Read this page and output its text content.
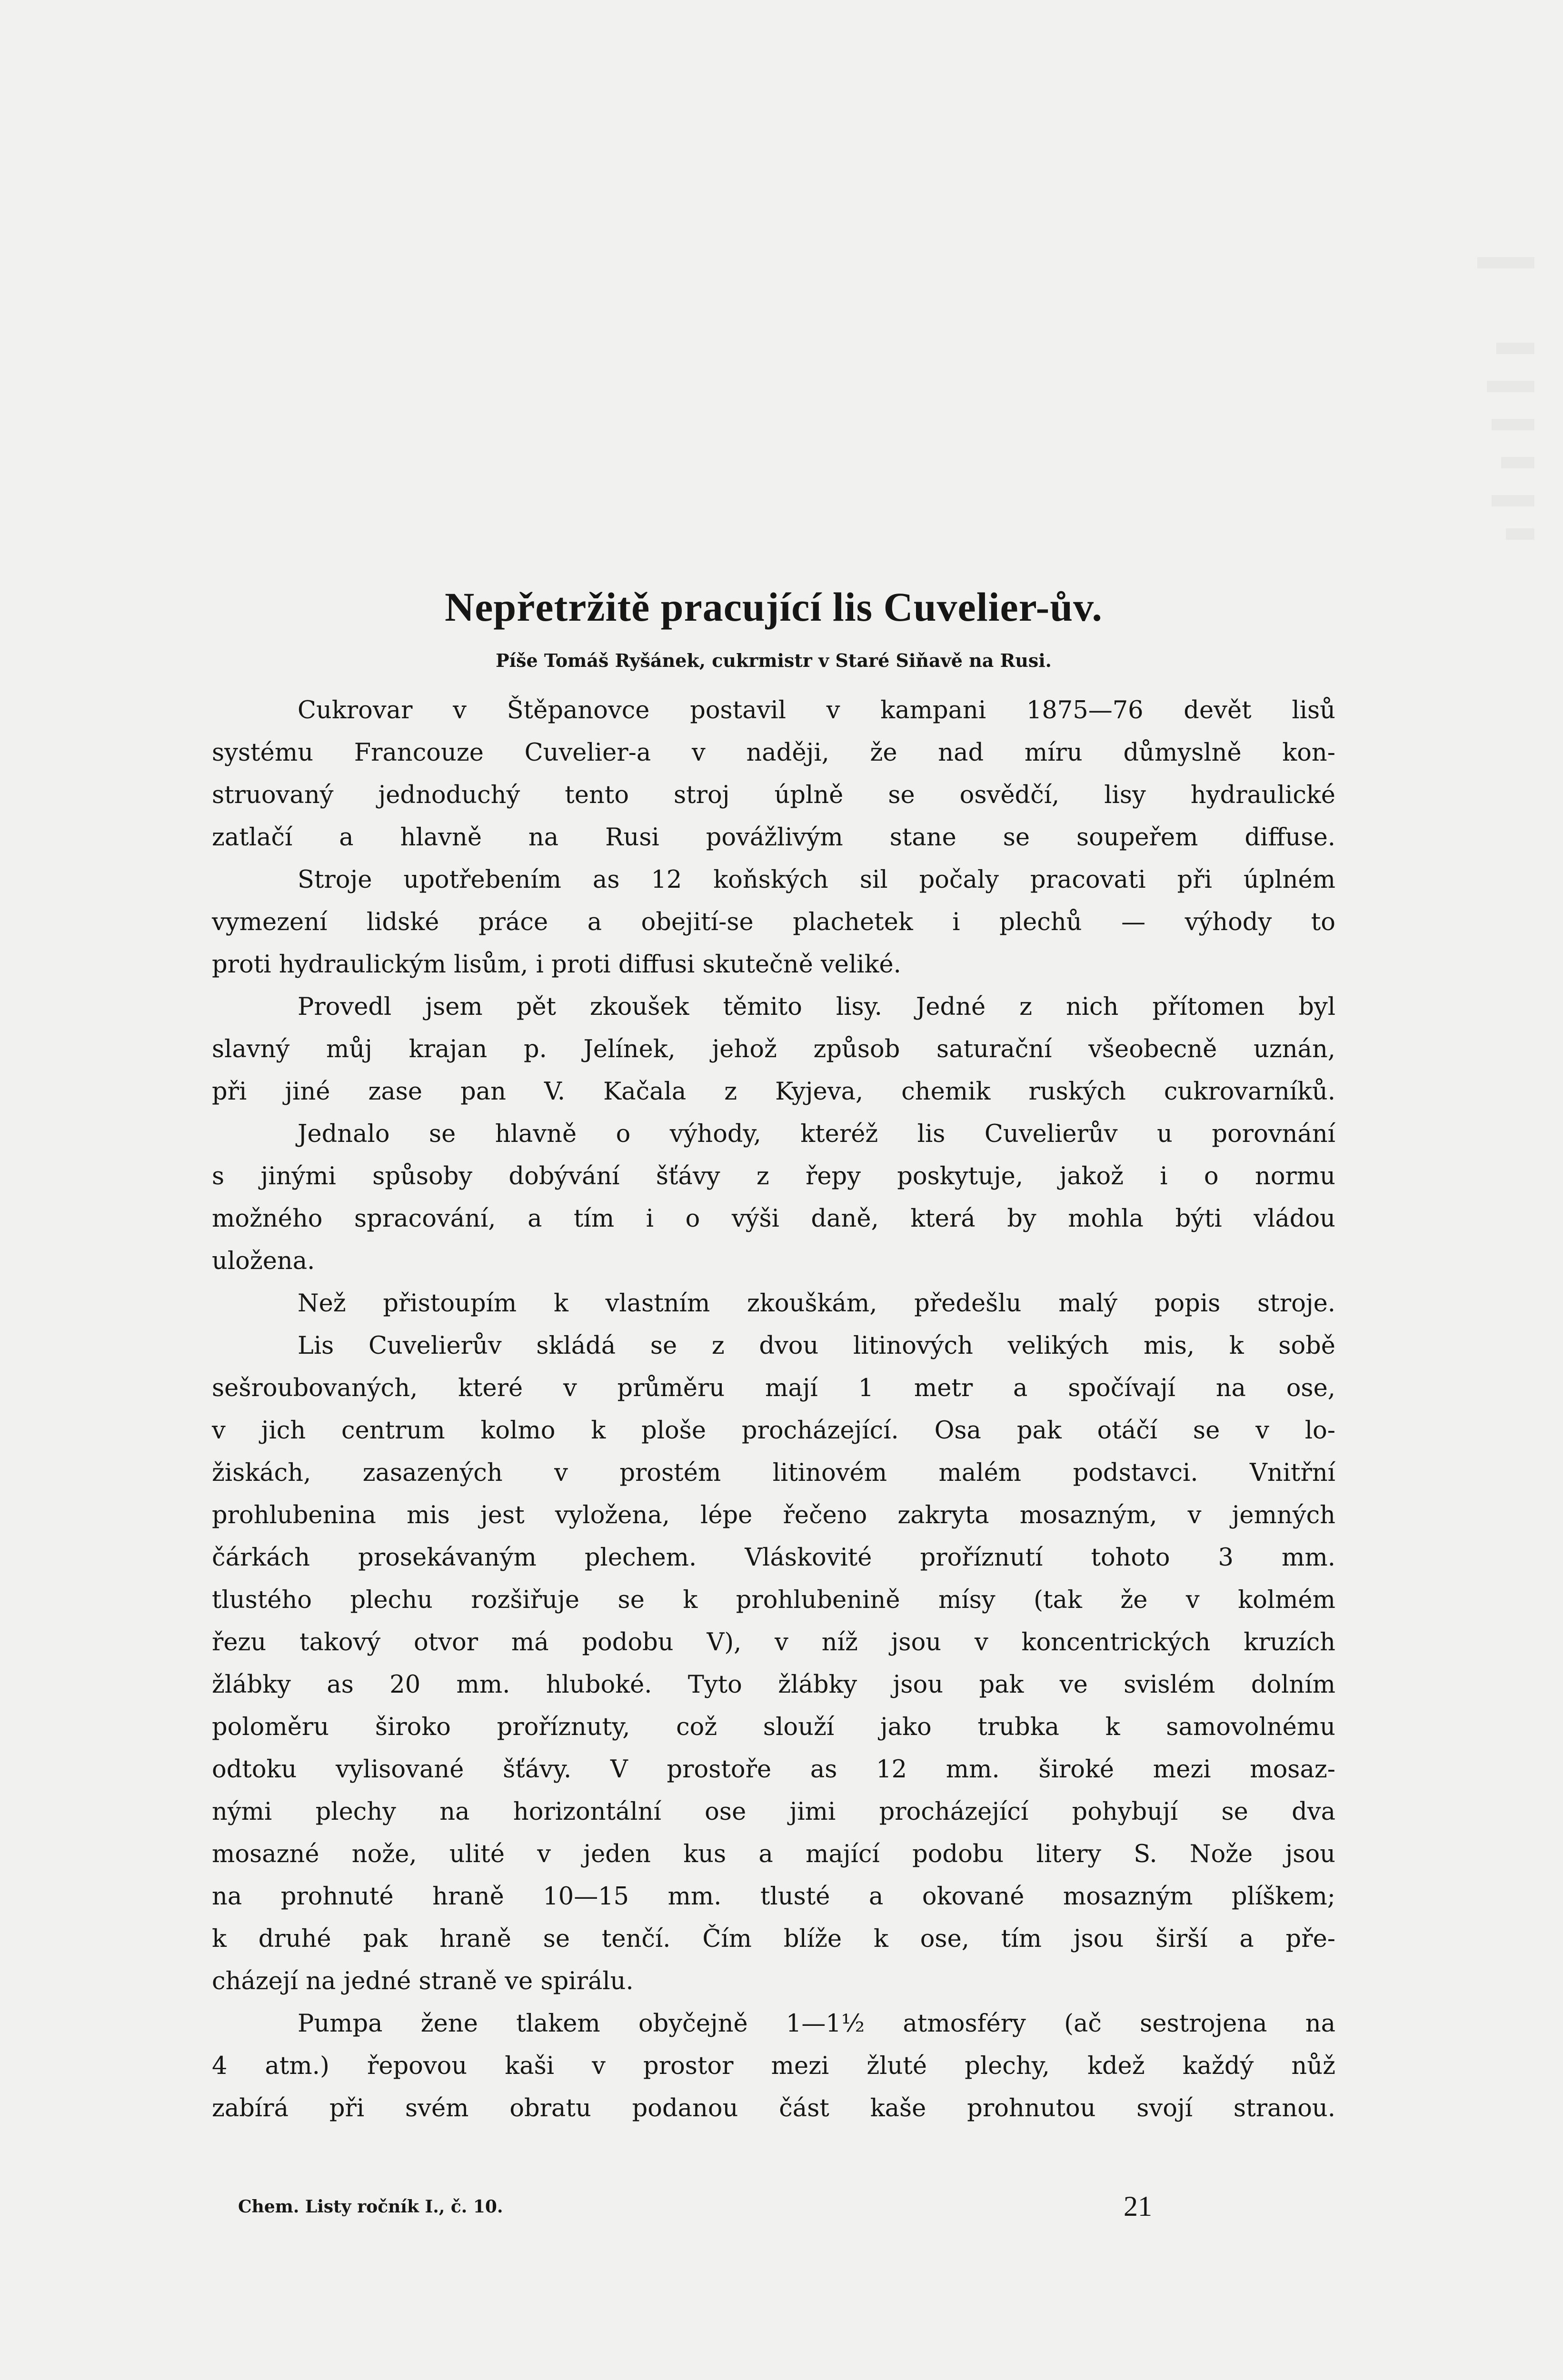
Nepřetržitě pracující lis Cuvelier-ův.
Píše Tomáš Ryšánek, cukrmistr v Staré Siňavě na Rusi.
Cukrovar v Štěpanovce postavil v kampani 1875—76 devět lisů
systému Francouze Cuvelier-a v naději, že nad míru důmyslně kon-
struovaný jednoduchý tento stroj úplně se osvědčí, lisy hydraulické
zatlačí a hlavně na Rusi povážlivým stane se soupeřem diffuse.
Stroje upotřebením as 12 koňských sil počaly pracovati při úplném
vymezení lidské práce a obejití-se plachetek i plechů — výhody to
proti hydraulickým lisům, i proti diffusi skutečně veliké.
Provedl jsem pět zkoušek těmito lisy. Jedné z nich přítomen byl
slavný můj krajan p. Jelínek, jehož způsob saturační všeobecně uznán,
při jiné zase pan V. Kačala z Kyjeva, chemik ruských cukrovarníků.
Jednalo se hlavně o výhody, kteréž lis Cuvelierův u porovnání
s jinými spůsoby dobývání šťávy z řepy poskytuje, jakož i o normu
možného spracování, a tím i o výši daně, která by mohla býti vládou
uložena.
Než přistoupím k vlastním zkouškám, předešlu malý popis stroje.
Lis Cuvelierův skládá se z dvou litinových velikých mis, k sobě
sešroubovaných, které v průměru mají 1 metr a spočívají na ose,
v jich centrum kolmo k ploše procházející. Osa pak otáčí se v lo-
žiskách, zasazených v prostém litinovém malém podstavci. Vnitřní
prohlubenina mis jest vyložena, lépe řečeno zakryta mosazným, v jemných
čárkách prosekávaným plechem. Vláskovité proříznutí tohoto 3 mm.
tlustého plechu rozšiřuje se k prohlubenině mísy (tak že v kolmém
řezu takový otvor má podobu V), v níž jsou v koncentrických kruzích
žlábky as 20 mm. hluboké. Tyto žlábky jsou pak ve svislém dolním
poloměru široko proříznuty, což slouží jako trubka k samovolnému
odtoku vylisované šťávy. V prostoře as 12 mm. široké mezi mosaz-
nými plechy na horizontální ose jimi procházející pohybují se dva
mosazné nože, ulité v jeden kus a mající podobu litery S. Nože jsou
na prohnuté hraně 10—15 mm. tlusté a okované mosazným plíškem;
k druhé pak hraně se tenčí. Čím blíže k ose, tím jsou širší a pře-
cházejí na jedné straně ve spirálu.
Pumpa žene tlakem obyčejně 1—1½ atmosféry (ač sestrojena na
4 atm.) řepovou kaši v prostor mezi žluté plechy, kdež každý nůž
zabírá při svém obratu podanou část kaše prohnutou svojí stranou.
Chem. Listy ročník I., č. 10.	21
